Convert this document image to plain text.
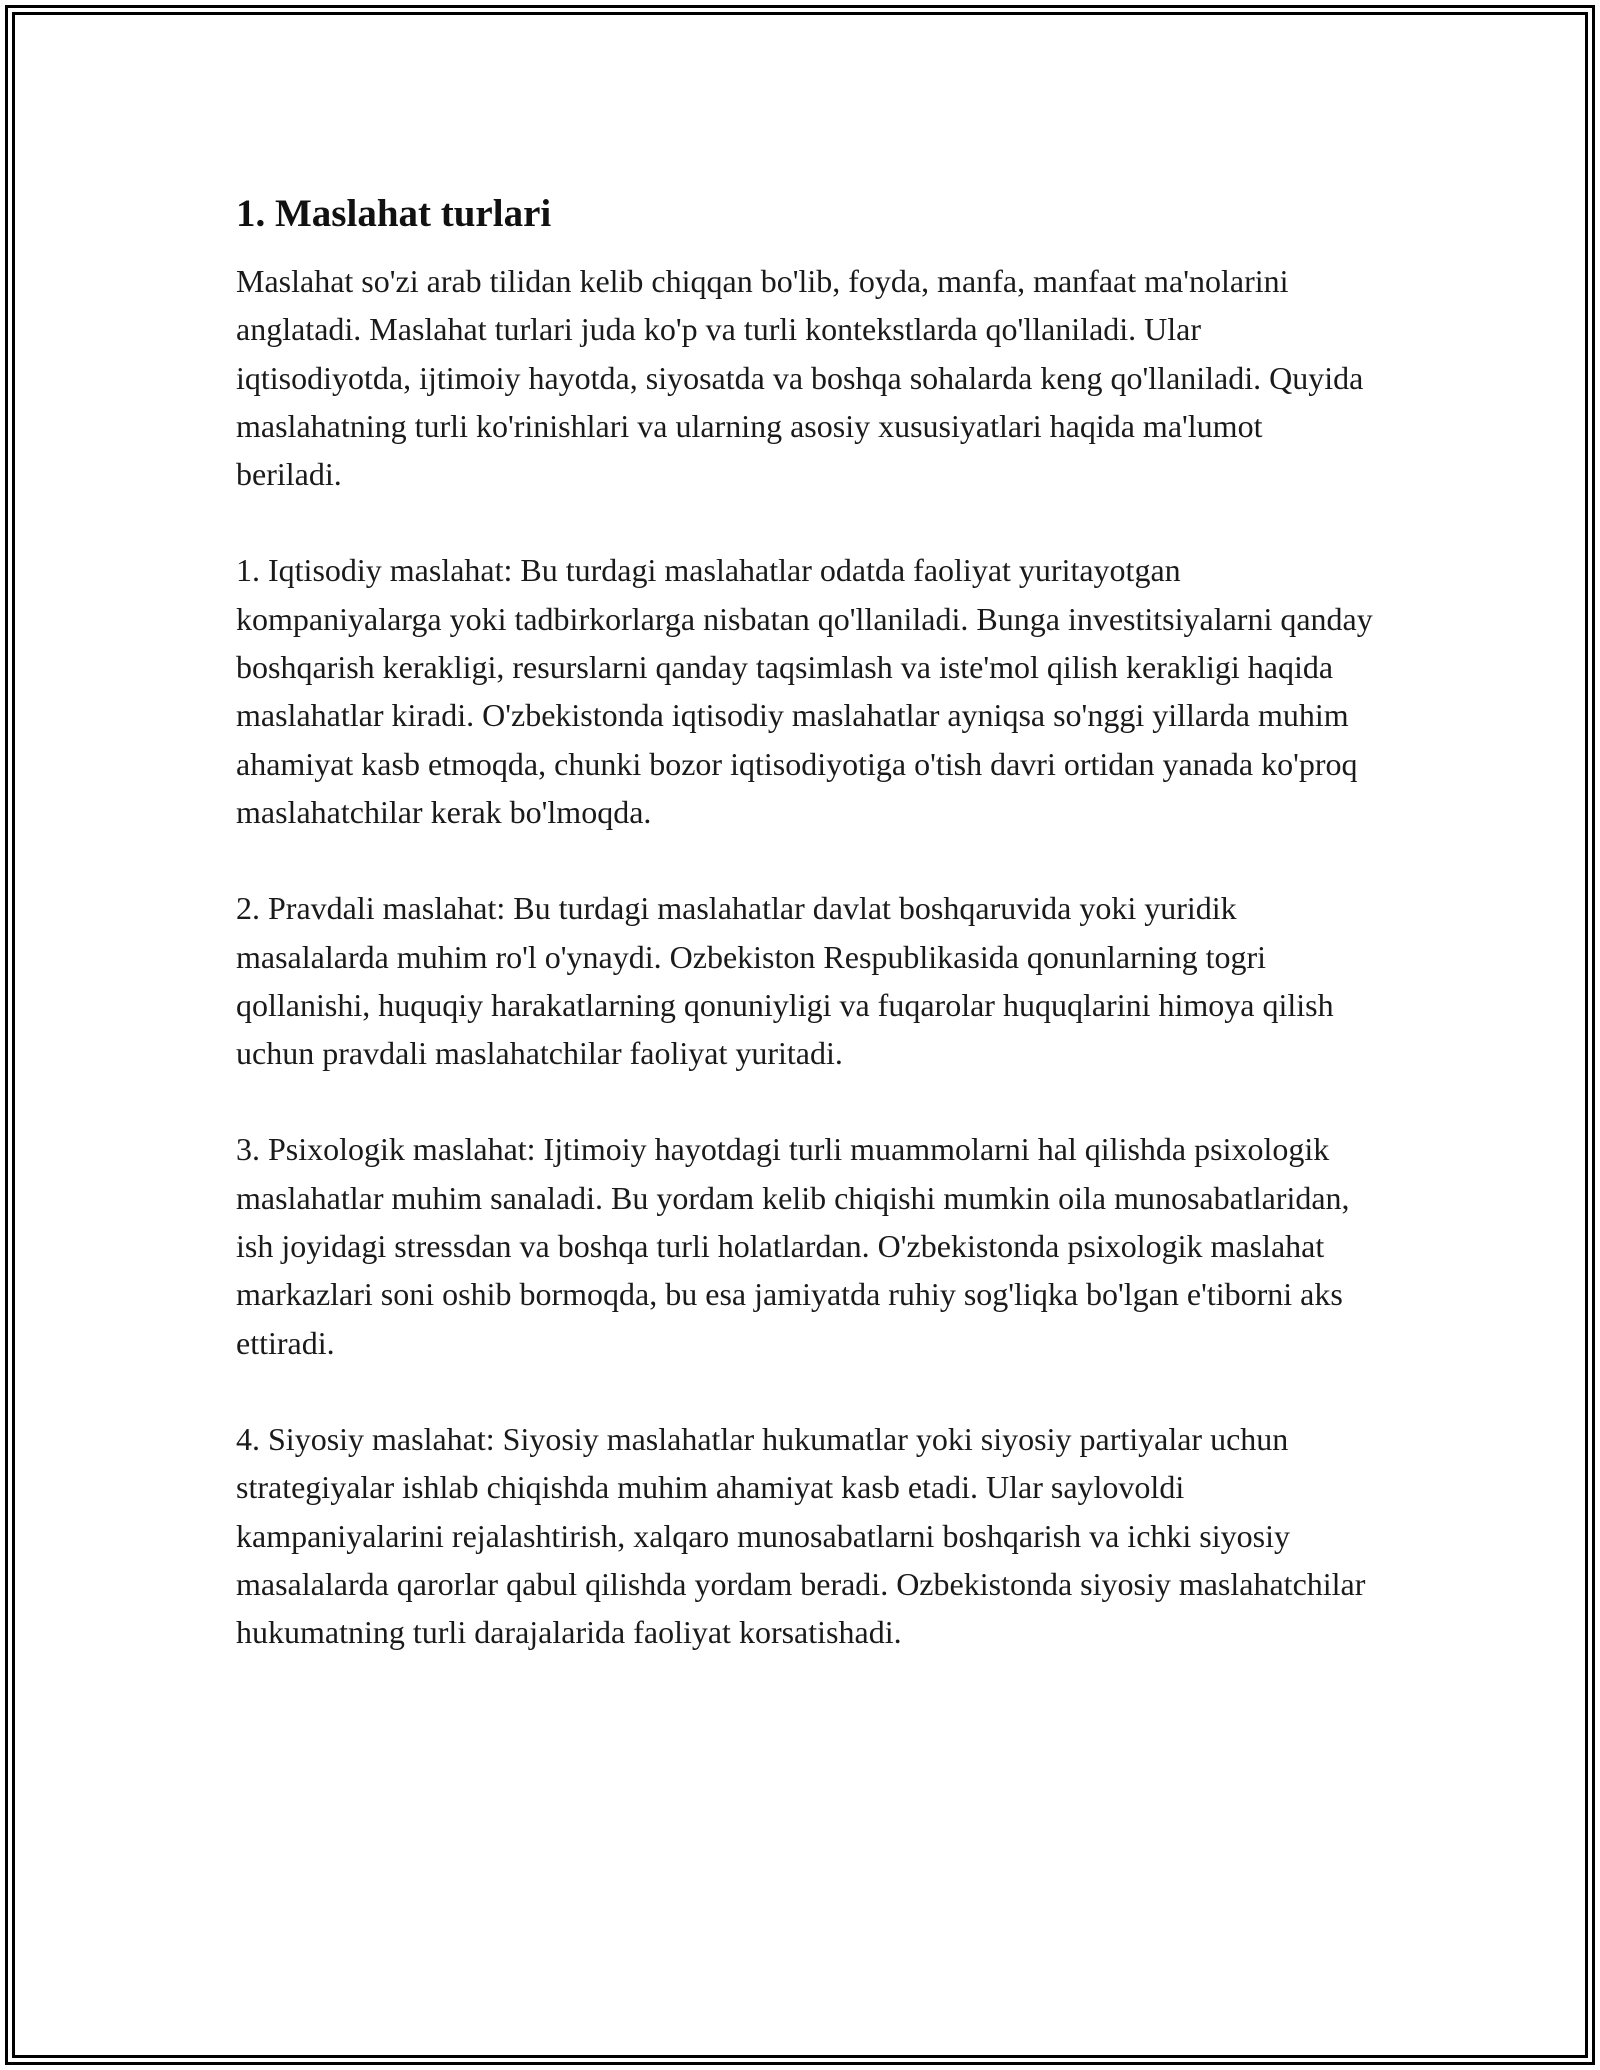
1. Maslahat turlari

Maslahat so'zi arab tilidan kelib chiqqan bo'lib, foyda, manfa, manfaat ma'nolarini anglatadi. Maslahat turlari juda ko'p va turli kontekstlarda qo'llaniladi. Ular iqtisodiyotda, ijtimoiy hayotda, siyosatda va boshqa sohalarda keng qo'llaniladi. Quyida maslahatning turli ko'rinishlari va ularning asosiy xususiyatlari haqida ma'lumot beriladi.

1. Iqtisodiy maslahat: Bu turdagi maslahatlar odatda faoliyat yuritayotgan kompaniyalarga yoki tadbirkorlarga nisbatan qo'llaniladi. Bunga investitsiyalarni qanday boshqarish kerakligi, resurslarni qanday taqsimlash va iste'mol qilish kerakligi haqida maslahatlar kiradi. O'zbekistonda iqtisodiy maslahatlar ayniqsa so'nggi yillarda muhim ahamiyat kasb etmoqda, chunki bozor iqtisodiyotiga o'tish davri ortidan yanada ko'proq maslahatchilar kerak bo'lmoqda.

2. Pravdali maslahat: Bu turdagi maslahatlar davlat boshqaruvida yoki yuridik masalalarda muhim ro'l o'ynaydi. Ozbekiston Respublikasida qonunlarning togri qollanishi, huquqiy harakatlarning qonuniyligi va fuqarolar huquqlarini himoya qilish uchun pravdali maslahatchilar faoliyat yuritadi.

3. Psixologik maslahat: Ijtimoiy hayotdagi turli muammolarni hal qilishda psixologik maslahatlar muhim sanaladi. Bu yordam kelib chiqishi mumkin oila munosabatlaridan, ish joyidagi stressdan va boshqa turli holatlardan. O'zbekistonda psixologik maslahat markazlari soni oshib bormoqda, bu esa jamiyatda ruhiy sog'liqka bo'lgan e'tiborni aks ettiradi.

4. Siyosiy maslahat: Siyosiy maslahatlar hukumatlar yoki siyosiy partiyalar uchun strategiyalar ishlab chiqishda muhim ahamiyat kasb etadi. Ular saylovoldi kampaniyalarini rejalashtirish, xalqaro munosabatlarni boshqarish va ichki siyosiy masalalarda qarorlar qabul qilishda yordam beradi. Ozbekistonda siyosiy maslahatchilar hukumatning turli darajalarida faoliyat korsatishadi.
